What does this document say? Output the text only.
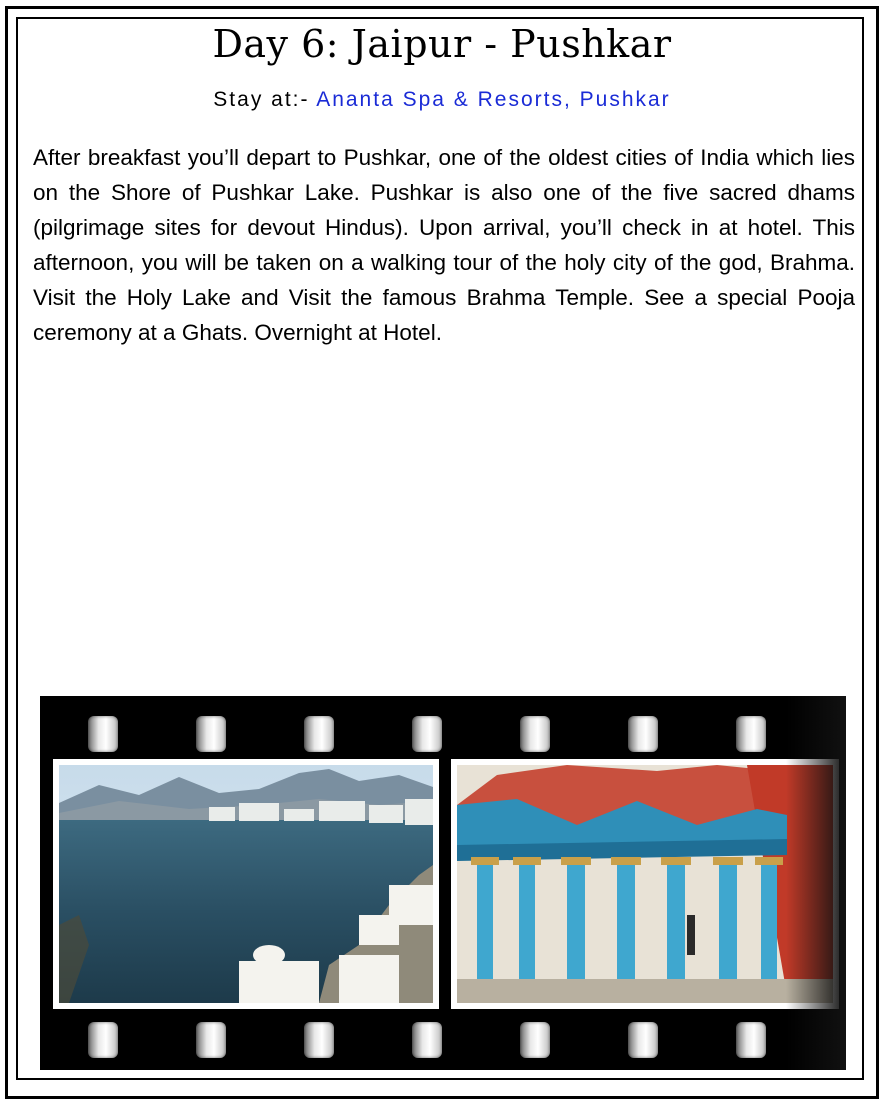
Day 6: Jaipur - Pushkar
Stay at:- Ananta Spa & Resorts, Pushkar
After breakfast you’ll depart to Pushkar, one of the oldest cities of India which lies on the Shore of Pushkar Lake. Pushkar is also one of the five sacred dhams (pilgrimage sites for devout Hindus). Upon arrival, you’ll check in at hotel. This afternoon, you will be taken on a walking tour of the holy city of the god, Brahma. Visit the Holy Lake and Visit the famous Brahma Temple. See a special Pooja ceremony at a Ghats. Overnight at Hotel.
